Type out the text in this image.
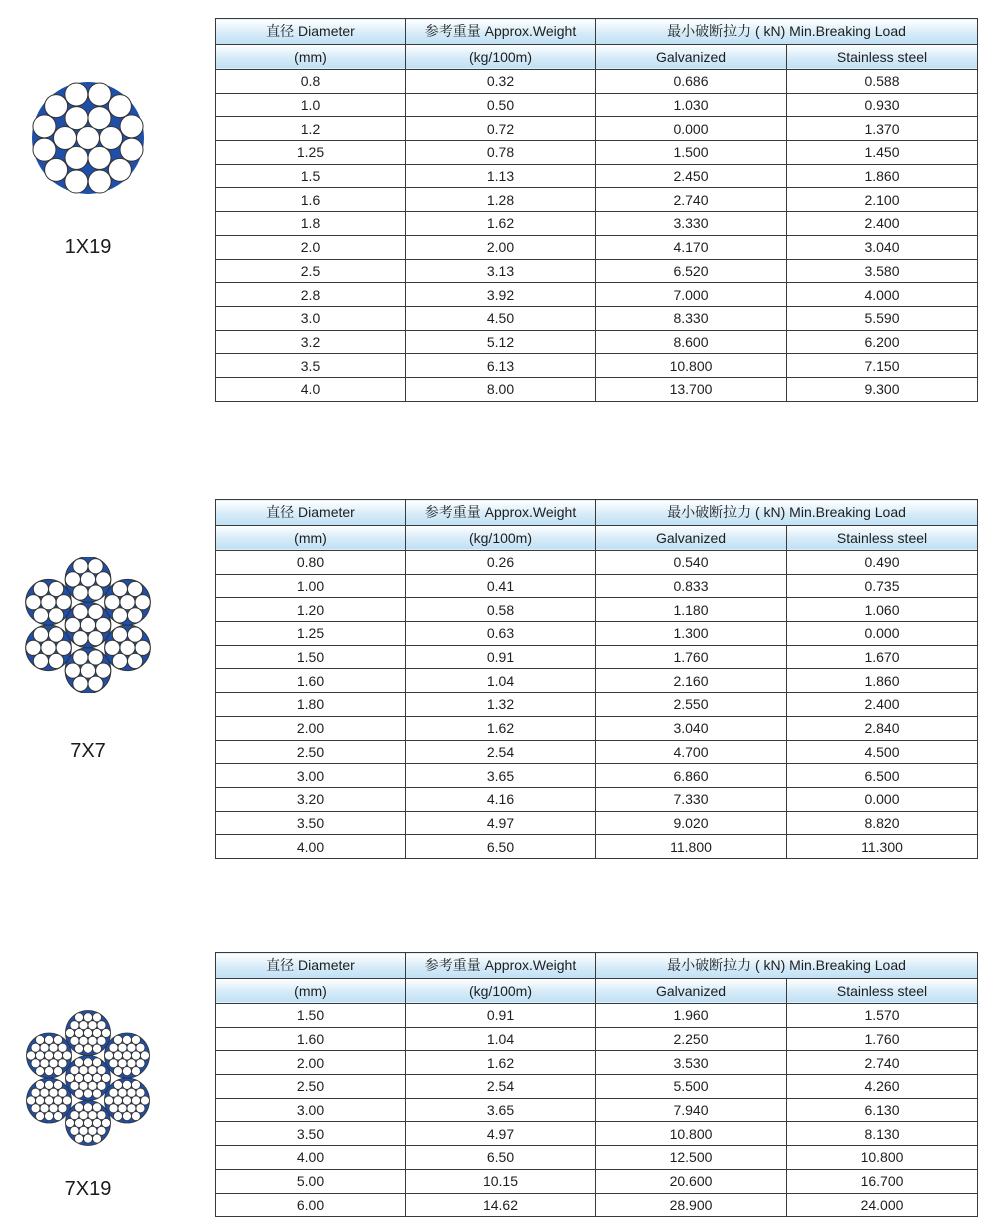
1X19
直径 Diameter	参考重量 Approx.Weight	最小破断拉力 ( kN) Min.Breaking Load	
(mm)	(kg/100m)	Galvanized	Stainless steel
0.8	0.32	0.686	0.588
1.0	0.50	1.030	0.930
1.2	0.72	0.000	1.370
1.25	0.78	1.500	1.450
1.5	1.13	2.450	1.860
1.6	1.28	2.740	2.100
1.8	1.62	3.330	2.400
2.0	2.00	4.170	3.040
2.5	3.13	6.520	3.580
2.8	3.92	7.000	4.000
3.0	4.50	8.330	5.590
3.2	5.12	8.600	6.200
3.5	6.13	10.800	7.150
4.0	8.00	13.700	9.300
7X7
直径 Diameter	参考重量 Approx.Weight	最小破断拉力 ( kN) Min.Breaking Load	
(mm)	(kg/100m)	Galvanized	Stainless steel
0.80	0.26	0.540	0.490
1.00	0.41	0.833	0.735
1.20	0.58	1.180	1.060
1.25	0.63	1.300	0.000
1.50	0.91	1.760	1.670
1.60	1.04	2.160	1.860
1.80	1.32	2.550	2.400
2.00	1.62	3.040	2.840
2.50	2.54	4.700	4.500
3.00	3.65	6.860	6.500
3.20	4.16	7.330	0.000
3.50	4.97	9.020	8.820
4.00	6.50	11.800	11.300
7X19
直径 Diameter	参考重量 Approx.Weight	最小破断拉力 ( kN) Min.Breaking Load	
(mm)	(kg/100m)	Galvanized	Stainless steel
1.50	0.91	1.960	1.570
1.60	1.04	2.250	1.760
2.00	1.62	3.530	2.740
2.50	2.54	5.500	4.260
3.00	3.65	7.940	6.130
3.50	4.97	10.800	8.130
4.00	6.50	12.500	10.800
5.00	10.15	20.600	16.700
6.00	14.62	28.900	24.000
